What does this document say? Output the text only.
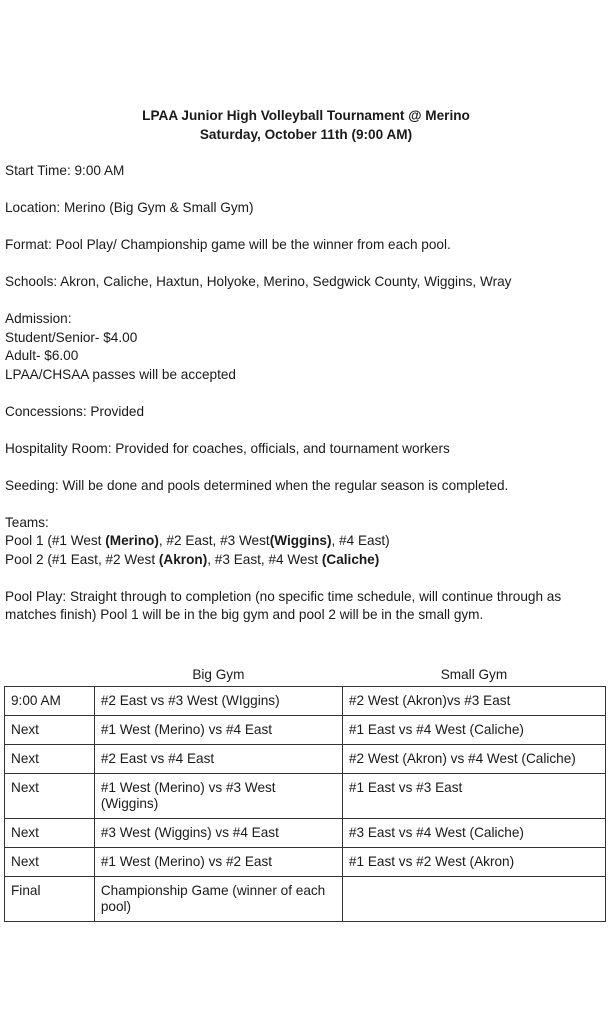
LPAA Junior High Volleyball Tournament @ Merino
Saturday, October 11th (9:00 AM)

Start Time: 9:00 AM

Location: Merino (Big Gym & Small Gym)

Format: Pool Play/ Championship game will be the winner from each pool.

Schools: Akron, Caliche, Haxtun, Holyoke, Merino, Sedgwick County, Wiggins, Wray

Admission:
Student/Senior- $4.00
Adult- $6.00
LPAA/CHSAA passes will be accepted

Concessions: Provided

Hospitality Room: Provided for coaches, officials, and tournament workers

Seeding: Will be done and pools determined when the regular season is completed.

Teams:
Pool 1 (#1 West (Merino), #2 East, #3 West(Wiggins), #4 East)
Pool 2 (#1 East, #2 West (Akron), #3 East, #4 West (Caliche)

Pool Play: Straight through to completion (no specific time schedule, will continue through as matches finish) Pool 1 will be in the big gym and pool 2 will be in the small gym.

	Big Gym	Small Gym
9:00 AM	#2 East vs #3 West (WIggins)	#2 West (Akron)vs #3 East
Next	#1 West (Merino) vs #4 East	#1 East vs #4 West (Caliche)
Next	#2 East vs #4 East	#2 West (Akron) vs #4 West (Caliche)
Next	#1 West (Merino) vs #3 West (Wiggins)	#1 East vs #3 East
Next	#3 West (Wiggins) vs #4 East	#3 East vs #4 West (Caliche)
Next	#1 West (Merino) vs #2 East	#1 East vs #2 West (Akron)
Final	Championship Game (winner of each pool)	
